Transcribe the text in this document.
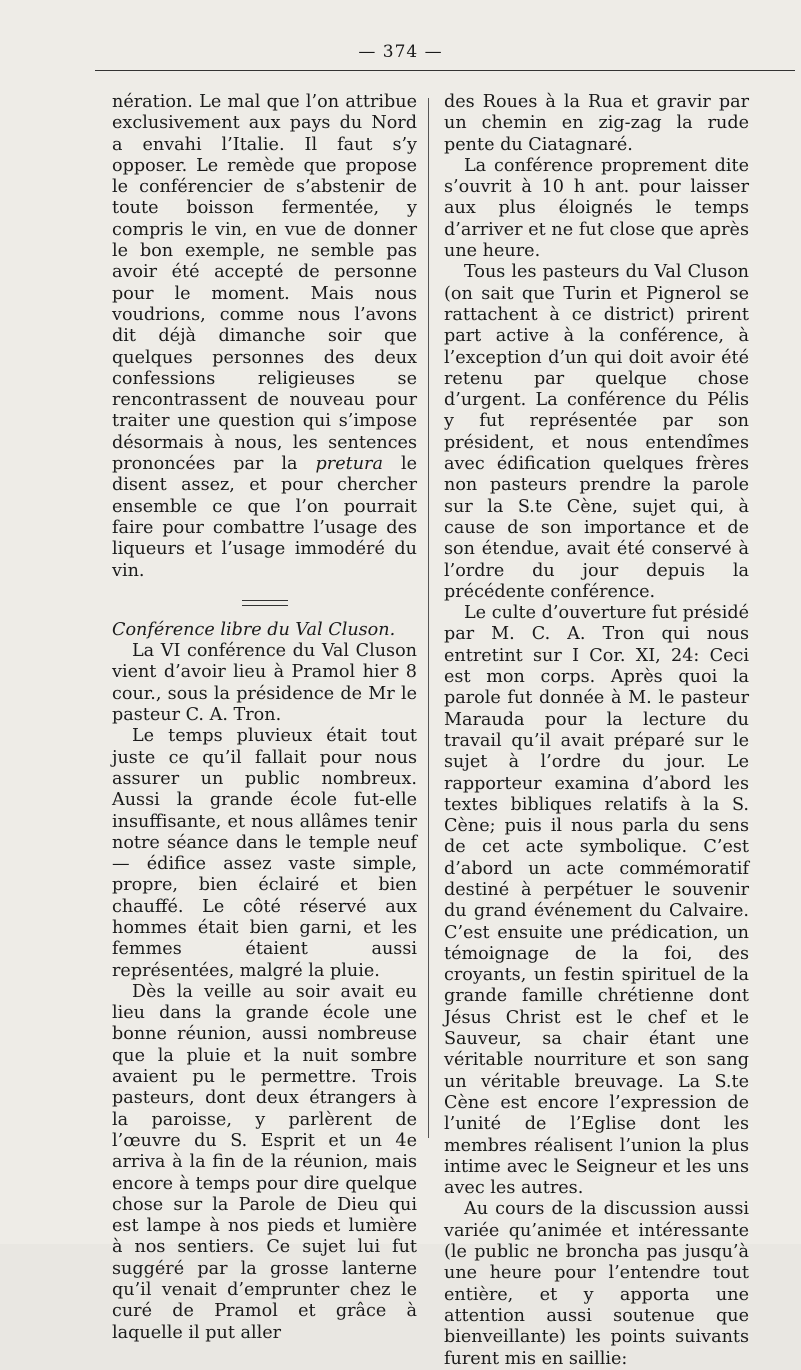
— 374 —

nération. Le mal que l’on attribue exclusivement aux pays du Nord a envahi l’Italie. Il faut s’y opposer. Le remède que propose le conférencier de s’abstenir de toute boisson fermentée, y compris le vin, en vue de donner le bon exemple, ne semble pas avoir été accepté de personne pour le moment. Mais nous voudrions, comme nous l’avons dit déjà dimanche soir que quelques personnes des deux confessions religieuses se rencontrassent de nouveau pour traiter une question qui s’impose désormais à nous, les sentences prononcées par la pretura le disent assez, et pour chercher ensemble ce que l’on pourrait faire pour combattre l’usage des liqueurs et l’usage immodéré du vin.

Conférence libre du Val Cluson.

La VI conférence du Val Cluson vient d’avoir lieu à Pramol hier 8 cour., sous la présidence de Mr le pasteur C. A. Tron.

Le temps pluvieux était tout juste ce qu’il fallait pour nous assurer un public nombreux. Aussi la grande école fut-elle insuffisante, et nous allâmes tenir notre séance dans le temple neuf — édifice assez vaste simple, propre, bien éclairé et bien chauffé. Le côté réservé aux hommes était bien garni, et les femmes étaient aussi représentées, malgré la pluie.

Dès la veille au soir avait eu lieu dans la grande école une bonne réunion, aussi nombreuse que la pluie et la nuit sombre avaient pu le permettre. Trois pasteurs, dont deux étrangers à la paroisse, y parlèrent de l’œuvre du S. Esprit et un 4e arriva à la fin de la réunion, mais encore à temps pour dire quelque chose sur la Parole de Dieu qui est lampe à nos pieds et lumière à nos sentiers. Ce sujet lui fut suggéré par la grosse lanterne qu’il venait d’emprunter chez le curé de Pramol et grâce à laquelle il put aller

des Roues à la Rua et gravir par un chemin en zig-zag la rude pente du Ciatagnaré.

La conférence proprement dite s’ouvrit à 10 h ant. pour laisser aux plus éloignés le temps d’arriver et ne fut close que après une heure.

Tous les pasteurs du Val Cluson (on sait que Turin et Pignerol se rattachent à ce district) prirent part active à la conférence, à l’exception d’un qui doit avoir été retenu par quelque chose d’urgent. La conférence du Pélis y fut représentée par son président, et nous entendîmes avec édification quelques frères non pasteurs prendre la parole sur la S.te Cène, sujet qui, à cause de son importance et de son étendue, avait été conservé à l’ordre du jour depuis la précédente conférence.

Le culte d’ouverture fut présidé par M. C. A. Tron qui nous entretint sur I Cor. XI, 24: Ceci est mon corps. Après quoi la parole fut donnée à M. le pasteur Marauda pour la lecture du travail qu’il avait préparé sur le sujet à l’ordre du jour. Le rapporteur examina d’abord les textes bibliques relatifs à la S. Cène; puis il nous parla du sens de cet acte symbolique. C’est d’abord un acte commémoratif destiné à perpétuer le souvenir du grand événement du Calvaire. C’est ensuite une prédication, un témoignage de la foi, des croyants, un festin spirituel de la grande famille chrétienne dont Jésus Christ est le chef et le Sauveur, sa chair étant une véritable nourriture et son sang un véritable breuvage. La S.te Cène est encore l’expression de l’unité de l’Eglise dont les membres réalisent l’union la plus intime avec le Seigneur et les uns avec les autres.

Au cours de la discussion aussi variée qu’animée et intéressante (le public ne broncha pas jusqu’à une heure pour l’entendre tout entière, et y apporta une attention aussi soutenue que bienveillante) les points suivants furent mis en saillie:
